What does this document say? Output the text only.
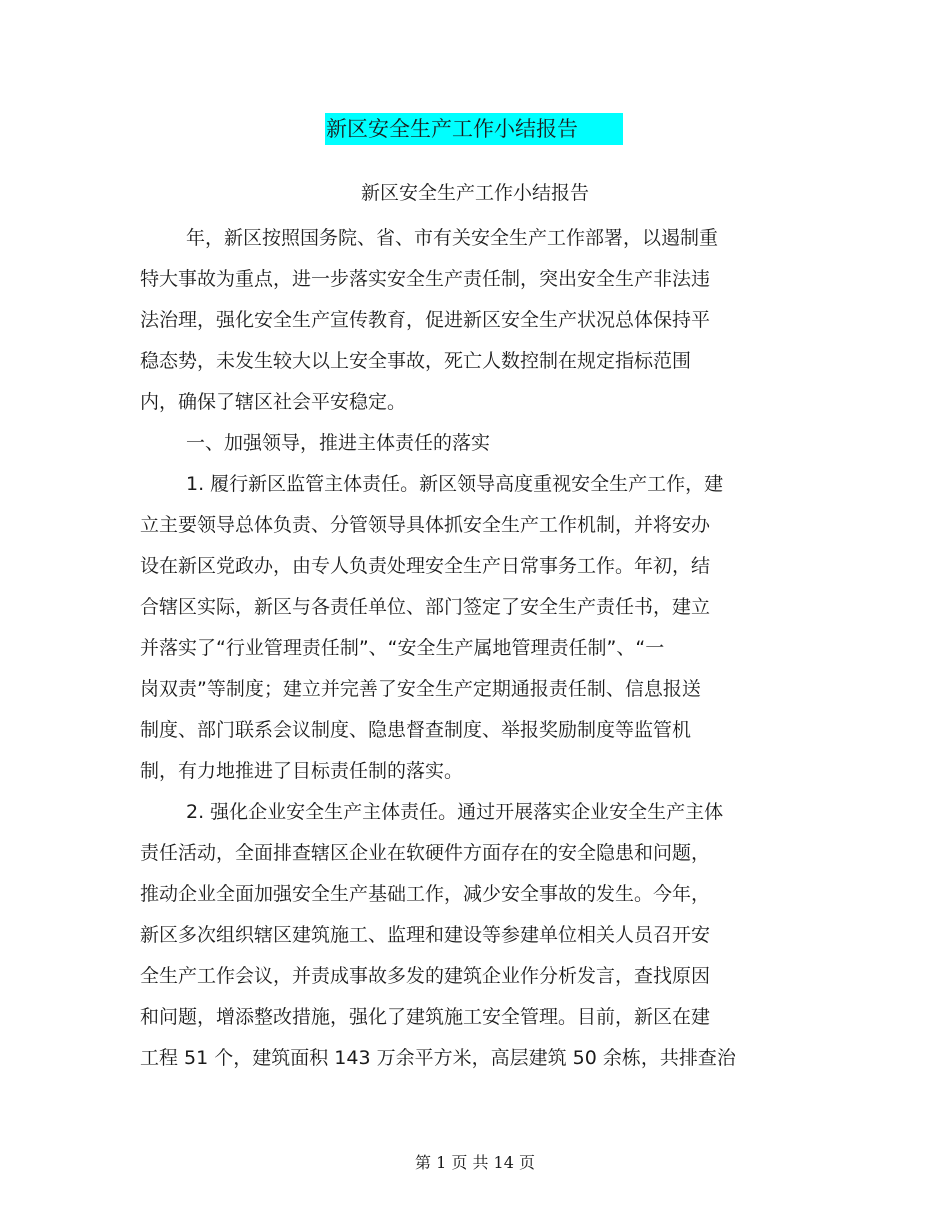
新区安全生产工作小结报告
新区安全生产工作小结报告
年，新区按照国务院、省、市有关安全生产工作部署，以遏制重
特大事故为重点，进一步落实安全生产责任制，突出安全生产非法违
法治理，强化安全生产宣传教育，促进新区安全生产状况总体保持平
稳态势，未发生较大以上安全事故，死亡人数控制在规定指标范围
内，确保了辖区社会平安稳定。
一、加强领导，推进主体责任的落实
1. 履行新区监管主体责任。新区领导高度重视安全生产工作，建
立主要领导总体负责、分管领导具体抓安全生产工作机制，并将安办
设在新区党政办，由专人负责处理安全生产日常事务工作。年初，结
合辖区实际，新区与各责任单位、部门签定了安全生产责任书，建立
并落实了“行业管理责任制”、“安全生产属地管理责任制”、“一
岗双责”等制度；建立并完善了安全生产定期通报责任制、信息报送
制度、部门联系会议制度、隐患督查制度、举报奖励制度等监管机
制，有力地推进了目标责任制的落实。
2. 强化企业安全生产主体责任。通过开展落实企业安全生产主体
责任活动，全面排查辖区企业在软硬件方面存在的安全隐患和问题，
推动企业全面加强安全生产基础工作，减少安全事故的发生。今年，
新区多次组织辖区建筑施工、监理和建设等参建单位相关人员召开安
全生产工作会议，并责成事故多发的建筑企业作分析发言，查找原因
和问题，增添整改措施，强化了建筑施工安全管理。目前，新区在建
工程 51 个，建筑面积 143 万余平方米，高层建筑 50 余栋，共排查治
第 1 页 共 14 页
